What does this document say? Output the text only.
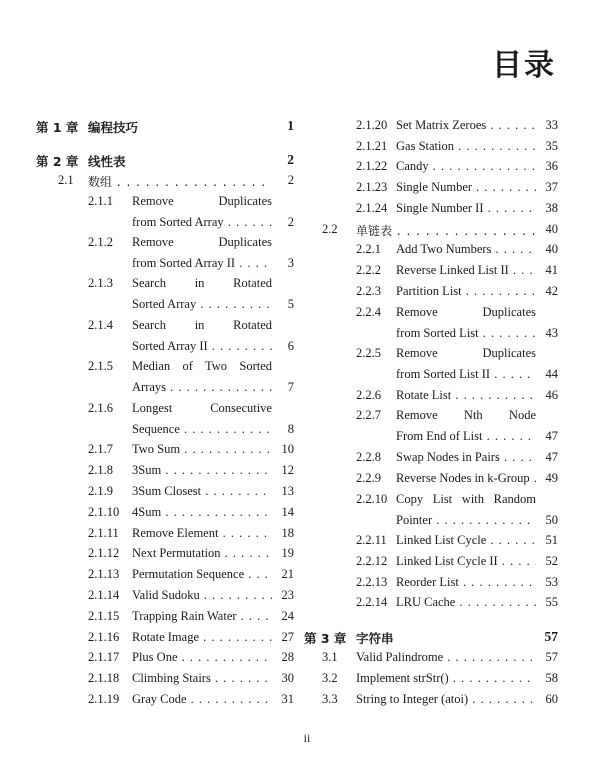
目录
第 1 章 编程技巧	1
第 2 章 线性表	2
2.1 数组 . . .	2
2.1.1 Remove Duplicates
from Sorted Array . . .	2
2.1.2 Remove Duplicates
from Sorted Array II . . .	3
2.1.3 Search in Rotated
Sorted Array . . .	5
2.1.4 Search in Rotated
Sorted Array II . . .	6
2.1.5 Median of Two Sorted
Arrays . . .	7
2.1.6 Longest Consecutive
Sequence . . .	8
2.1.7 Two Sum . . .	10
2.1.8 3Sum . . .	12
2.1.9 3Sum Closest . . .	13
2.1.10 4Sum . . .	14
2.1.11 Remove Element . . .	18
2.1.12 Next Permutation . . .	19
2.1.13 Permutation Sequence . . .	21
2.1.14 Valid Sudoku . . .	23
2.1.15 Trapping Rain Water . . .	24
2.1.16 Rotate Image . . .	27
2.1.17 Plus One . . .	28
2.1.18 Climbing Stairs . . .	30
2.1.19 Gray Code . . .	31
2.1.20 Set Matrix Zeroes . . .	33
2.1.21 Gas Station . . .	35
2.1.22 Candy . . .	36
2.1.23 Single Number . . .	37
2.1.24 Single Number II . . .	38
2.2 单链表 . . .	40
2.2.1 Add Two Numbers . . .	40
2.2.2 Reverse Linked List II . . .	41
2.2.3 Partition List . . .	42
2.2.4 Remove Duplicates
from Sorted List . . .	43
2.2.5 Remove Duplicates
from Sorted List II . . .	44
2.2.6 Rotate List . . .	46
2.2.7 Remove Nth Node
From End of List . . .	47
2.2.8 Swap Nodes in Pairs . . .	47
2.2.9 Reverse Nodes in k-Group . . .	49
2.2.10 Copy List with Random
Pointer . . .	50
2.2.11 Linked List Cycle . . .	51
2.2.12 Linked List Cycle II . . .	52
2.2.13 Reorder List . . .	53
2.2.14 LRU Cache . . .	55
第 3 章 字符串	57
3.1 Valid Palindrome . . .	57
3.2 Implement strStr() . . .	58
3.3 String to Integer (atoi) . . .	60
ii
